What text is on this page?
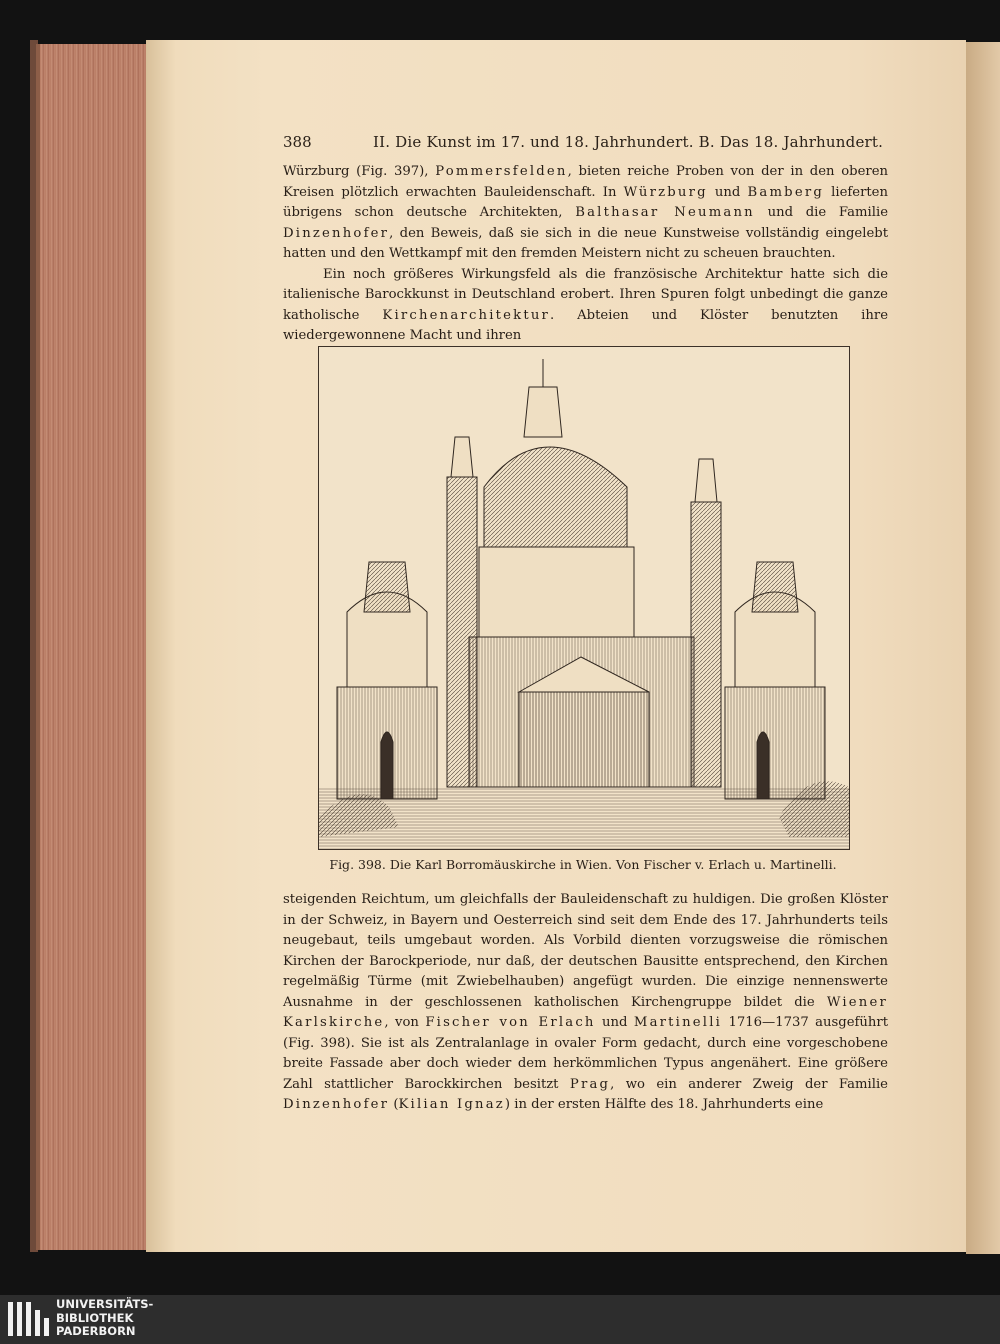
388	II. Die Kunst im 17. und 18. Jahrhundert. B. Das 18. Jahrhundert.

Würzburg (Fig. 397), Pommersfelden, bieten reiche Proben von der in den oberen Kreisen plötzlich erwachten Bauleidenschaft. In Würzburg und Bamberg lieferten übrigens schon deutsche Architekten, Balthasar Neumann und die Familie Dinzenhofer, den Beweis, daß sie sich in die neue Kunstweise vollständig eingelebt hatten und den Wettkampf mit den fremden Meistern nicht zu scheuen brauchten.

Ein noch größeres Wirkungsfeld als die französische Architektur hatte sich die italienische Barockkunst in Deutschland erobert. Ihren Spuren folgt unbedingt die ganze katholische Kirchenarchitektur. Abteien und Klöster benutzten ihre wiedergewonnene Macht und ihren

Fig. 398. Die Karl Borromäuskirche in Wien. Von Fischer v. Erlach u. Martinelli.

steigenden Reichtum, um gleichfalls der Bauleidenschaft zu huldigen. Die großen Klöster in der Schweiz, in Bayern und Oesterreich sind seit dem Ende des 17. Jahrhunderts teils neugebaut, teils umgebaut worden. Als Vorbild dienten vorzugsweise die römischen Kirchen der Barockperiode, nur daß, der deutschen Bausitte entsprechend, den Kirchen regelmäßig Türme (mit Zwiebelhauben) angefügt wurden. Die einzige nennenswerte Ausnahme in der geschlossenen katholischen Kirchengruppe bildet die Wiener Karlskirche, von Fischer von Erlach und Martinelli 1716—1737 ausgeführt (Fig. 398). Sie ist als Zentralanlage in ovaler Form gedacht, durch eine vorgeschobene breite Fassade aber doch wieder dem herkömmlichen Typus angenähert. Eine größere Zahl stattlicher Barockkirchen besitzt Prag, wo ein anderer Zweig der Familie Dinzenhofer (Kilian Ignaz) in der ersten Hälfte des 18. Jahrhunderts eine

UNIVERSITÄTS-
BIBLIOTHEK
PADERBORN
